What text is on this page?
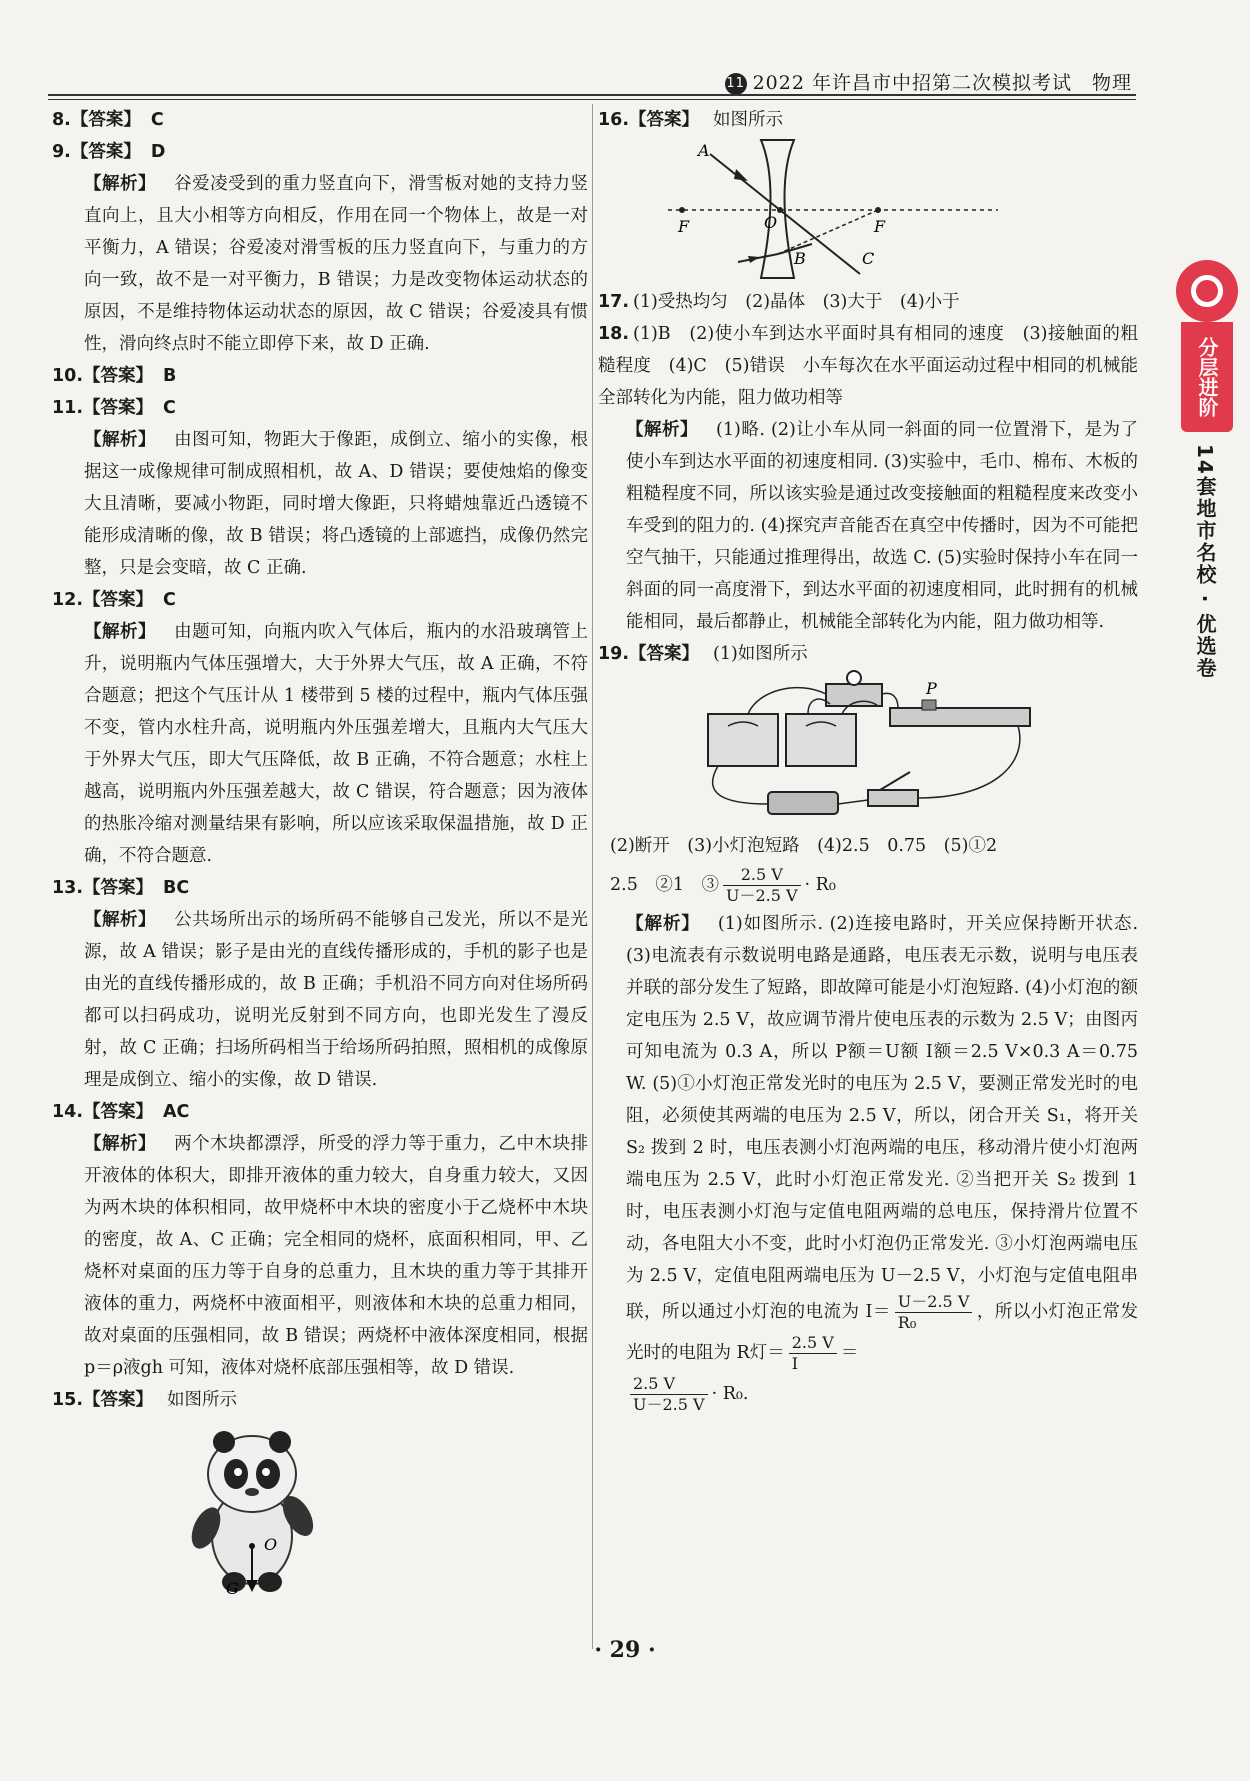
11 2022 年许昌市中招第二次模拟考试　物理

8.【答案】 C

9.【答案】 D

【解析】 谷爱凌受到的重力竖直向下，滑雪板对她的支持力竖直向上，且大小相等方向相反，作用在同一个物体上，故是一对平衡力，A 错误；谷爱凌对滑雪板的压力竖直向下，与重力的方向一致，故不是一对平衡力，B 错误；力是改变物体运动状态的原因，不是维持物体运动状态的原因，故 C 错误；谷爱凌具有惯性，滑向终点时不能立即停下来，故 D 正确.

10.【答案】 B

11.【答案】 C

【解析】 由图可知，物距大于像距，成倒立、缩小的实像，根据这一成像规律可制成照相机，故 A、D 错误；要使烛焰的像变大且清晰，要减小物距，同时增大像距，只将蜡烛靠近凸透镜不能形成清晰的像，故 B 错误；将凸透镜的上部遮挡，成像仍然完整，只是会变暗，故 C 正确.

12.【答案】 C

【解析】 由题可知，向瓶内吹入气体后，瓶内的水沿玻璃管上升，说明瓶内气体压强增大，大于外界大气压，故 A 正确，不符合题意；把这个气压计从 1 楼带到 5 楼的过程中，瓶内气体压强不变，管内水柱升高，说明瓶内外压强差增大，且瓶内大气压大于外界大气压，即大气压降低，故 B 正确，不符合题意；水柱上越高，说明瓶内外压强差越大，故 C 错误，符合题意；因为液体的热胀冷缩对测量结果有影响，所以应该采取保温措施，故 D 正确，不符合题意.

13.【答案】 BC

【解析】 公共场所出示的场所码不能够自己发光，所以不是光源，故 A 错误；影子是由光的直线传播形成的，手机的影子也是由光的直线传播形成的，故 B 正确；手机沿不同方向对住场所码都可以扫码成功，说明光反射到不同方向，也即光发生了漫反射，故 C 正确；扫场所码相当于给场所码拍照，照相机的成像原理是成倒立、缩小的实像，故 D 错误.

14.【答案】 AC

【解析】 两个木块都漂浮，所受的浮力等于重力，乙中木块排开液体的体积大，即排开液体的重力较大，自身重力较大，又因为两木块的体积相同，故甲烧杯中木块的密度小于乙烧杯中木块的密度，故 A、C 正确；完全相同的烧杯，底面积相同，甲、乙烧杯对桌面的压力等于自身的总重力，且木块的重力等于其排开液体的重力，两烧杯中液面相平，则液体和木块的总重力相同，故对桌面的压强相同，故 B 错误；两烧杯中液体深度相同，根据 p＝ρ液gh 可知，液体对烧杯底部压强相等，故 D 错误.

15.【答案】 如图所示

O
G

16.【答案】 如图所示

A
F	O	F
B	C

17. (1)受热均匀　(2)晶体　(3)大于　(4)小于

18. (1)B　(2)使小车到达水平面时具有相同的速度　(3)接触面的粗糙程度　(4)C　(5)错误　小车每次在水平面运动过程中相同的机械能全部转化为内能，阻力做功相等

【解析】 (1)略. (2)让小车从同一斜面的同一位置滑下，是为了使小车到达水平面的初速度相同. (3)实验中，毛巾、棉布、木板的粗糙程度不同，所以该实验是通过改变接触面的粗糙程度来改变小车受到的阻力的. (4)探究声音能否在真空中传播时，因为不可能把空气抽干，只能通过推理得出，故选 C. (5)实验时保持小车在同一斜面的同一高度滑下，到达水平面的初速度相同，此时拥有的机械能相同，最后都静止，机械能全部转化为内能，阻力做功相等.

19.【答案】 (1)如图所示

P

(2)断开　(3)小灯泡短路　(4)2.5　0.75　(5)①2

2.5　②1　③ $\frac{2.5 V}{U-2.5 V} \cdot R_0$

【解析】 (1)如图所示. (2)连接电路时，开关应保持断开状态. (3)电流表有示数说明电路是通路，电压表无示数，说明与电压表并联的部分发生了短路，即故障可能是小灯泡短路. (4)小灯泡的额定电压为 2.5 V，故应调节滑片使电压表的示数为 2.5 V；由图丙可知电流为 0.3 A，所以 P额＝U额 I额＝2.5 V×0.3 A＝0.75 W. (5)①小灯泡正常发光时的电压为 2.5 V，要测正常发光时的电阻，必须使其两端的电压为 2.5 V，所以，闭合开关 S₁，将开关 S₂ 拨到 2 时，电压表测小灯泡两端的电压，移动滑片使小灯泡两端电压为 2.5 V，此时小灯泡正常发光. ②当把开关 S₂ 拨到 1 时，电压表测小灯泡与定值电阻两端的总电压，保持滑片位置不动，各电阻大小不变，此时小灯泡仍正常发光. ③小灯泡两端电压为 2.5 V，定值电阻两端电压为 U－2.5 V，小灯泡与定值电阻串联，所以通过小灯泡的电流为 $I= \frac{U-2.5 V}{\text{R₀}}$ ，所以小灯泡正常发光时的电阻为 R灯＝ $\frac{2.5 V}{I}$ ＝

$\frac{2.5 V}{U-2.5 V} \cdot R_0$.

分层进阶
14套地市名校 · 优选卷
· 29 ·
